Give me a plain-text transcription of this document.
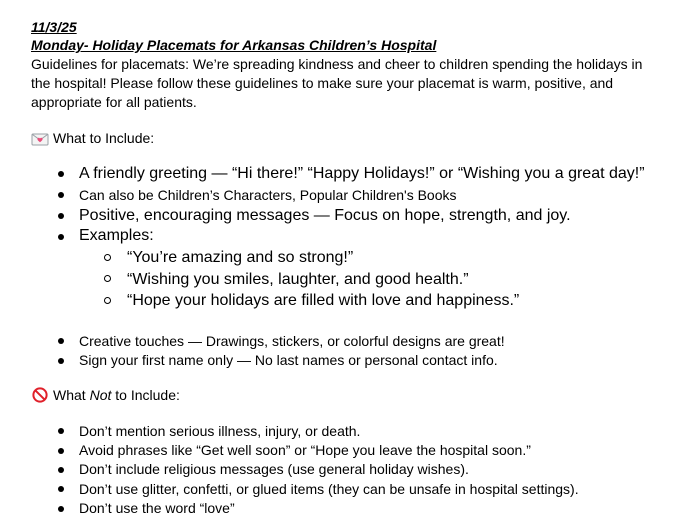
11/3/25
Monday- Holiday Placemats for Arkansas Children’s Hospital

Guidelines for placemats: We’re spreading kindness and cheer to children spending the holidays in the hospital! Please follow these guidelines to make sure your placemat is warm, positive, and appropriate for all patients.

What to Include:
A friendly greeting — “Hi there!” “Happy Holidays!” or “Wishing you a great day!”
Can also be Children’s Characters, Popular Children's Books
Positive, encouraging messages — Focus on hope, strength, and joy.
Examples:
“You’re amazing and so strong!”
“Wishing you smiles, laughter, and good health.”
“Hope your holidays are filled with love and happiness.”
Creative touches — Drawings, stickers, or colorful designs are great!
Sign your first name only — No last names or personal contact info.
What Not to Include:
Don’t mention serious illness, injury, or death.
Avoid phrases like “Get well soon” or “Hope you leave the hospital soon.”
Don’t include religious messages (use general holiday wishes).
Don’t use glitter, confetti, or glued items (they can be unsafe in hospital settings).
Don’t use the word “love”
